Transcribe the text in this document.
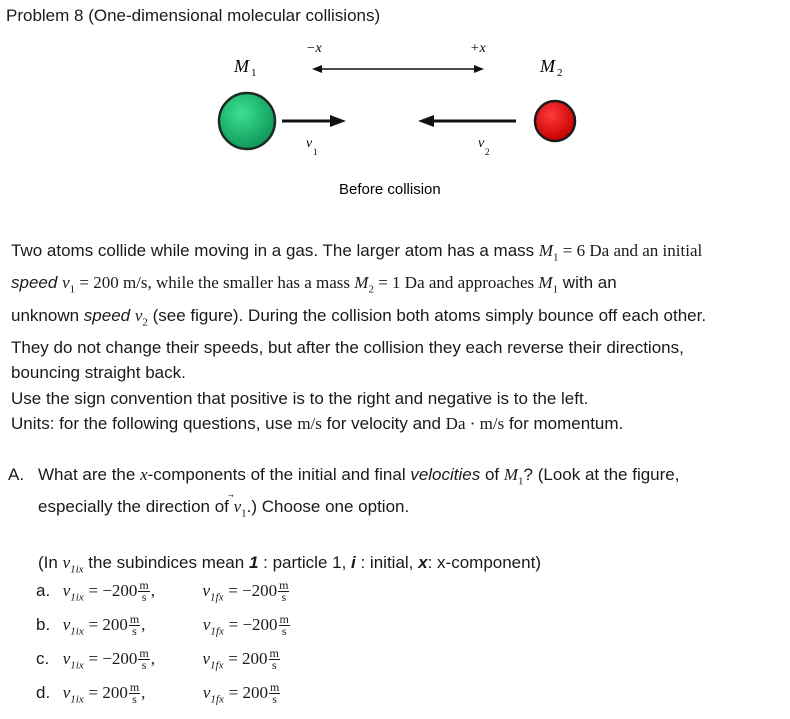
Problem 8 (One-dimensional molecular collisions)
−x	+x
M 1	M 2
v
1
v
2
Before collision
Two atoms collide while moving in a gas. The larger atom has a mass $M_1 = 6$ Da and an initial
speed $v_1 = 200$ m/s, while the smaller has a mass $M_2 = 1$ Da and approaches $M_1$ with an
unknown speed $v_2$ (see figure). During the collision both atoms simply bounce off each other.
They do not change their speeds, but after the collision they each reverse their directions,
bouncing straight back.
Use the sign convention that positive is to the right and negative is to the left.
Units: for the following questions, use m/s for velocity and Da · m/s for momentum.
A. What are the x-components of the initial and final velocities of $M_1$? (Look at the figure,
especially the direction of v
$_1$.) Choose one option.
(In $v_{1ix}$ the subindices mean 1 : particle 1, i : initial, x: x-component)
a. $v_{1ix} = -200 \frac{m}{s}$ ,	$v_{1fx} = -200 \frac{m}{s}$
b. $v_{1ix} = 200 \frac{m}{s}$ ,	$v_{1fx} = -200 \frac{m}{s}$
c. $v_{1ix} = -200 \frac{m}{s}$ ,	$v_{1fx} = 200 \frac{m}{s}$
d. $v_{1ix} = 200 \frac{m}{s}$ ,	$v_{1fx} = 200 \frac{m}{s}$
